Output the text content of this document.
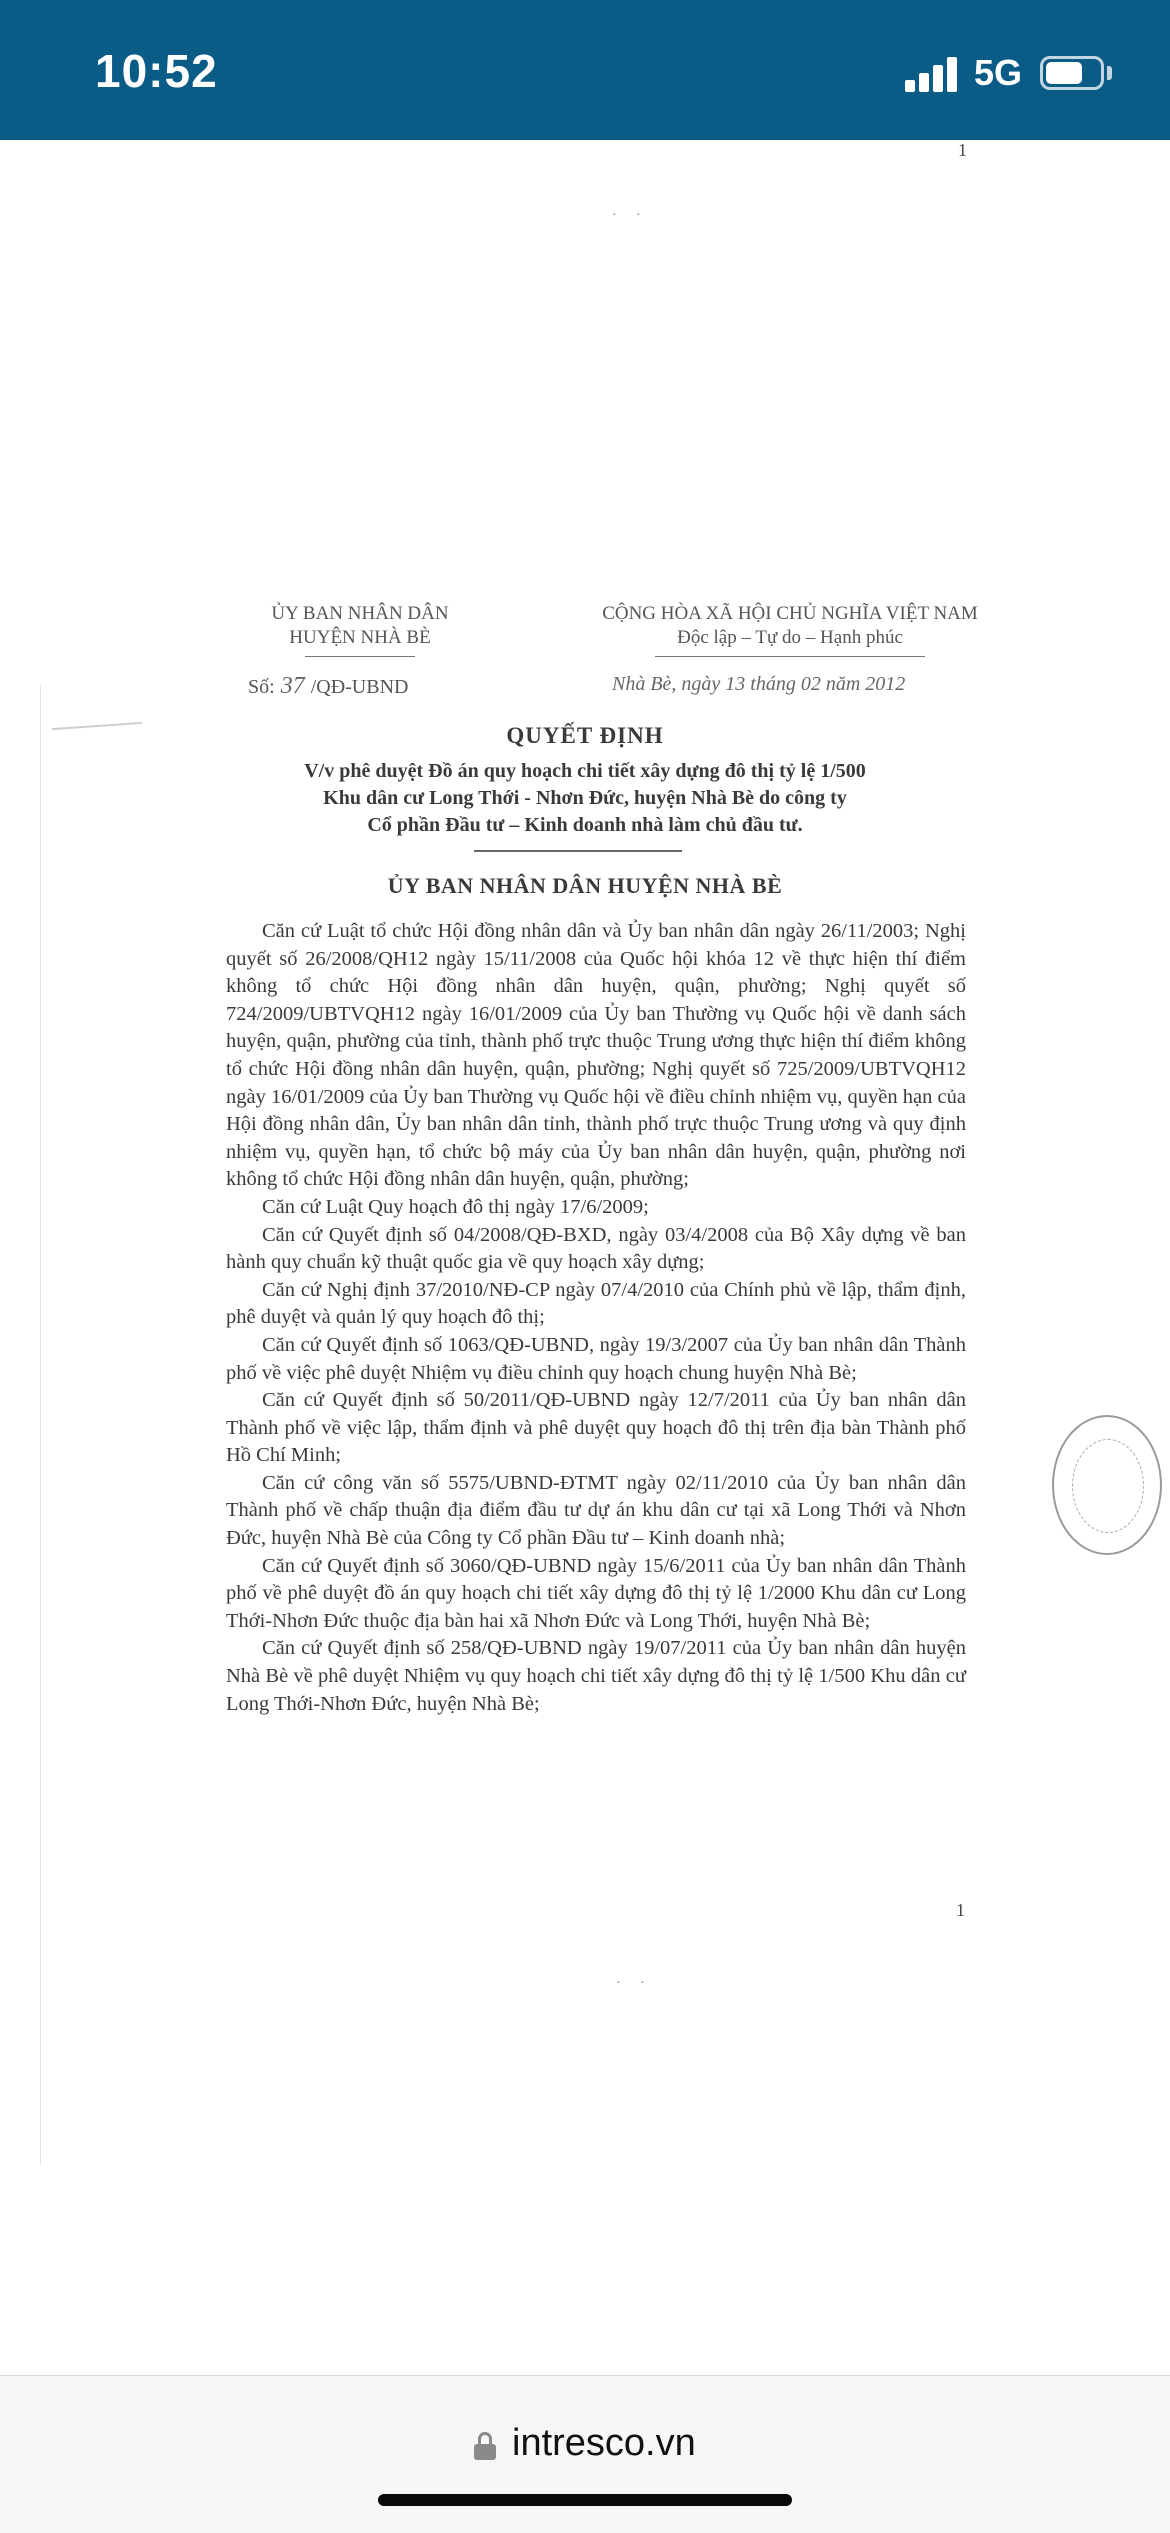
10:52	5G
1
· ·
ỦY BAN NHÂN DÂN
HUYỆN NHÀ BÈ
CỘNG HÒA XÃ HỘI CHỦ NGHĨA VIỆT NAM
Độc lập – Tự do – Hạnh phúc
Số: 37 /QĐ-UBND	Nhà Bè, ngày 13 tháng 02 năm 2012
QUYẾT ĐỊNH
V/v phê duyệt Đồ án quy hoạch chi tiết xây dựng đô thị tỷ lệ 1/500
Khu dân cư Long Thới - Nhơn Đức, huyện Nhà Bè do công ty
Cổ phần Đầu tư – Kinh doanh nhà làm chủ đầu tư.
ỦY BAN NHÂN DÂN HUYỆN NHÀ BÈ

Căn cứ Luật tổ chức Hội đồng nhân dân và Ủy ban nhân dân ngày 26/11/2003; Nghị quyết số 26/2008/QH12 ngày 15/11/2008 của Quốc hội khóa 12 về thực hiện thí điểm không tổ chức Hội đồng nhân dân huyện, quận, phường; Nghị quyết số 724/2009/UBTVQH12 ngày 16/01/2009 của Ủy ban Thường vụ Quốc hội về danh sách huyện, quận, phường của tỉnh, thành phố trực thuộc Trung ương thực hiện thí điểm không tổ chức Hội đồng nhân dân huyện, quận, phường; Nghị quyết số 725/2009/UBTVQH12 ngày 16/01/2009 của Ủy ban Thường vụ Quốc hội về điều chỉnh nhiệm vụ, quyền hạn của Hội đồng nhân dân, Ủy ban nhân dân tỉnh, thành phố trực thuộc Trung ương và quy định nhiệm vụ, quyền hạn, tổ chức bộ máy của Ủy ban nhân dân huyện, quận, phường nơi không tổ chức Hội đồng nhân dân huyện, quận, phường;

Căn cứ Luật Quy hoạch đô thị ngày 17/6/2009;

Căn cứ Quyết định số 04/2008/QĐ-BXD, ngày 03/4/2008 của Bộ Xây dựng về ban hành quy chuẩn kỹ thuật quốc gia về quy hoạch xây dựng;

Căn cứ Nghị định 37/2010/NĐ-CP ngày 07/4/2010 của Chính phủ về lập, thẩm định, phê duyệt và quản lý quy hoạch đô thị;

Căn cứ Quyết định số 1063/QĐ-UBND, ngày 19/3/2007 của Ủy ban nhân dân Thành phố về việc phê duyệt Nhiệm vụ điều chỉnh quy hoạch chung huyện Nhà Bè;

Căn cứ Quyết định số 50/2011/QĐ-UBND ngày 12/7/2011 của Ủy ban nhân dân Thành phố về việc lập, thẩm định và phê duyệt quy hoạch đô thị trên địa bàn Thành phố Hồ Chí Minh;

Căn cứ công văn số 5575/UBND-ĐTMT ngày 02/11/2010 của Ủy ban nhân dân Thành phố về chấp thuận địa điểm đầu tư dự án khu dân cư tại xã Long Thới và Nhơn Đức, huyện Nhà Bè của Công ty Cổ phần Đầu tư – Kinh doanh nhà;

Căn cứ Quyết định số 3060/QĐ-UBND ngày 15/6/2011 của Ủy ban nhân dân Thành phố về phê duyệt đồ án quy hoạch chi tiết xây dựng đô thị tỷ lệ 1/2000 Khu dân cư Long Thới-Nhơn Đức thuộc địa bàn hai xã Nhơn Đức và Long Thới, huyện Nhà Bè;

Căn cứ Quyết định số 258/QĐ-UBND ngày 19/07/2011 của Ủy ban nhân dân huyện Nhà Bè về phê duyệt Nhiệm vụ quy hoạch chi tiết xây dựng đô thị tỷ lệ 1/500 Khu dân cư Long Thới-Nhơn Đức, huyện Nhà Bè;

1
· ·
intresco.vn
